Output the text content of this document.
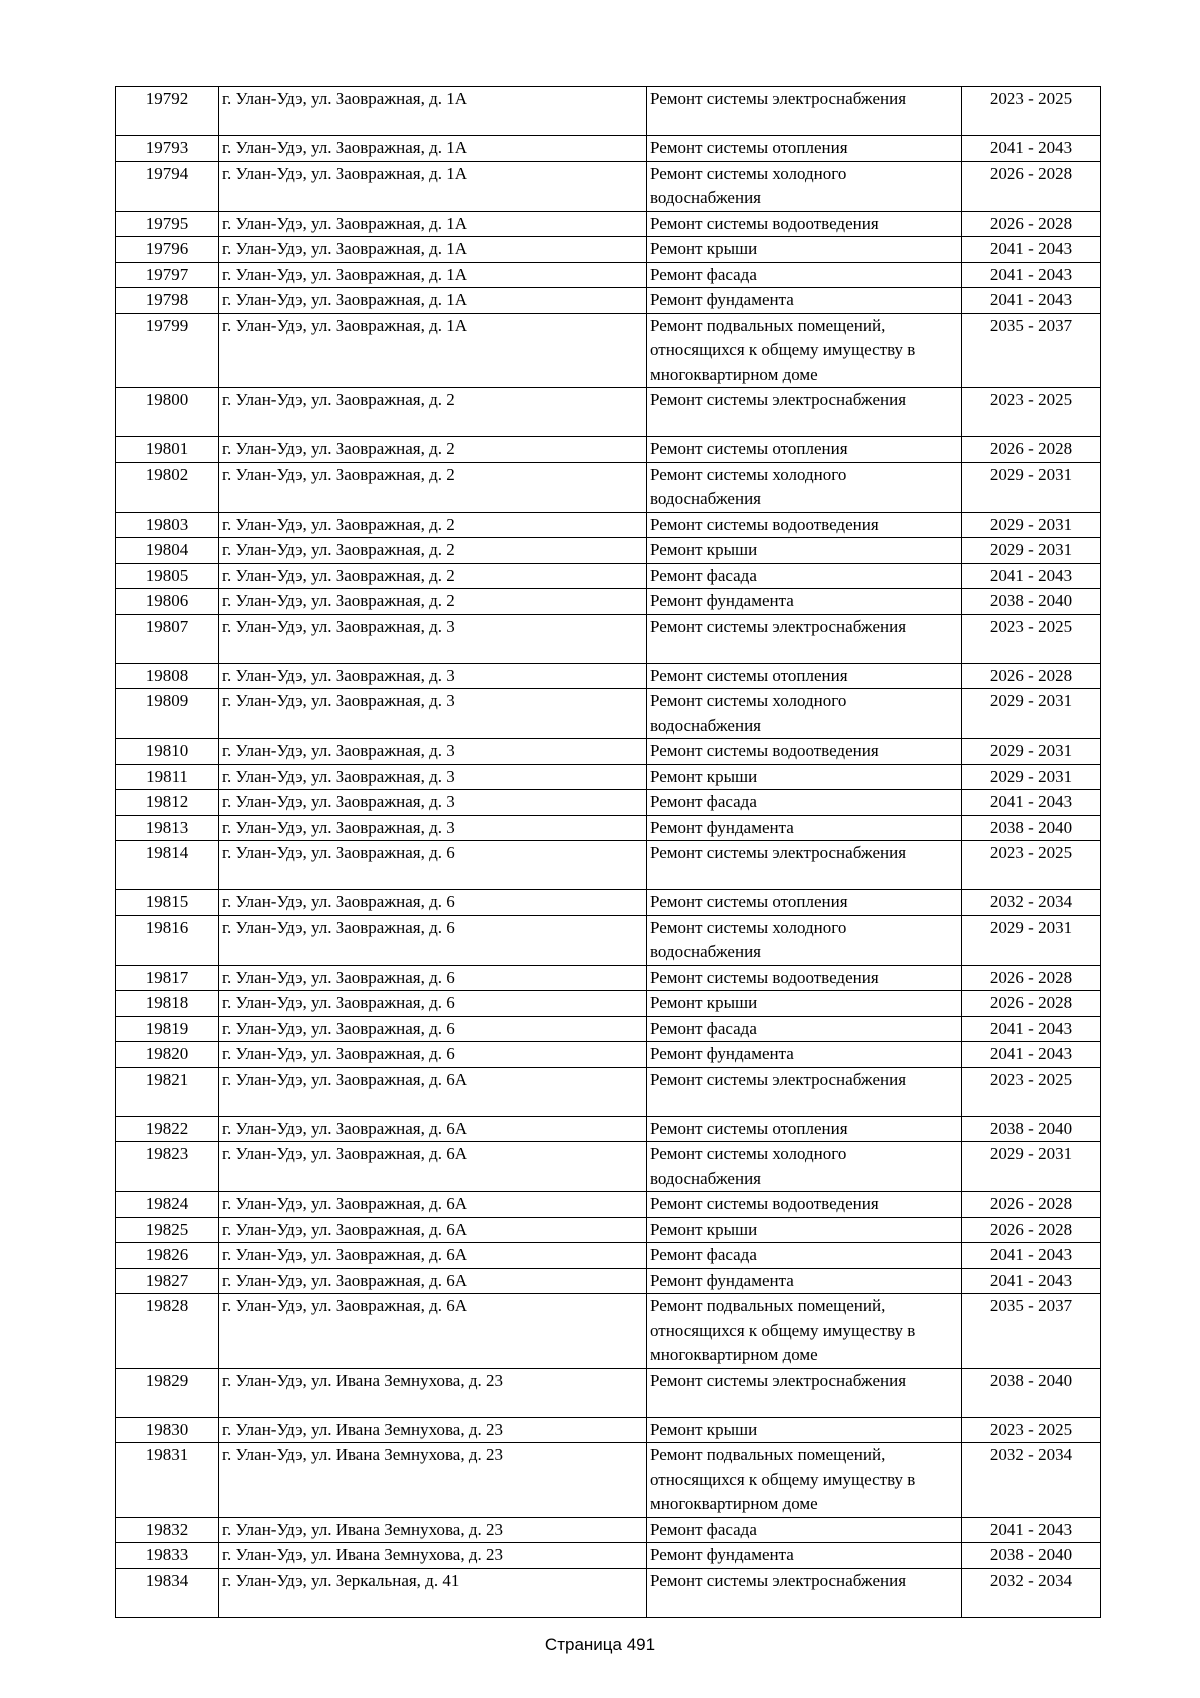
19792	г. Улан-Удэ, ул. Заовражная, д. 1А	Ремонт системы электроснабжения	2023 - 2025
19793	г. Улан-Удэ, ул. Заовражная, д. 1А	Ремонт системы отопления	2041 - 2043
19794	г. Улан-Удэ, ул. Заовражная, д. 1А	Ремонт системы холодного водоснабжения	2026 - 2028
19795	г. Улан-Удэ, ул. Заовражная, д. 1А	Ремонт системы водоотведения	2026 - 2028
19796	г. Улан-Удэ, ул. Заовражная, д. 1А	Ремонт крыши	2041 - 2043
19797	г. Улан-Удэ, ул. Заовражная, д. 1А	Ремонт фасада	2041 - 2043
19798	г. Улан-Удэ, ул. Заовражная, д. 1А	Ремонт фундамента	2041 - 2043
19799	г. Улан-Удэ, ул. Заовражная, д. 1А	Ремонт подвальных помещений, относящихся к общему имуществу в многоквартирном доме	2035 - 2037
19800	г. Улан-Удэ, ул. Заовражная, д. 2	Ремонт системы электроснабжения	2023 - 2025
19801	г. Улан-Удэ, ул. Заовражная, д. 2	Ремонт системы отопления	2026 - 2028
19802	г. Улан-Удэ, ул. Заовражная, д. 2	Ремонт системы холодного водоснабжения	2029 - 2031
19803	г. Улан-Удэ, ул. Заовражная, д. 2	Ремонт системы водоотведения	2029 - 2031
19804	г. Улан-Удэ, ул. Заовражная, д. 2	Ремонт крыши	2029 - 2031
19805	г. Улан-Удэ, ул. Заовражная, д. 2	Ремонт фасада	2041 - 2043
19806	г. Улан-Удэ, ул. Заовражная, д. 2	Ремонт фундамента	2038 - 2040
19807	г. Улан-Удэ, ул. Заовражная, д. 3	Ремонт системы электроснабжения	2023 - 2025
19808	г. Улан-Удэ, ул. Заовражная, д. 3	Ремонт системы отопления	2026 - 2028
19809	г. Улан-Удэ, ул. Заовражная, д. 3	Ремонт системы холодного водоснабжения	2029 - 2031
19810	г. Улан-Удэ, ул. Заовражная, д. 3	Ремонт системы водоотведения	2029 - 2031
19811	г. Улан-Удэ, ул. Заовражная, д. 3	Ремонт крыши	2029 - 2031
19812	г. Улан-Удэ, ул. Заовражная, д. 3	Ремонт фасада	2041 - 2043
19813	г. Улан-Удэ, ул. Заовражная, д. 3	Ремонт фундамента	2038 - 2040
19814	г. Улан-Удэ, ул. Заовражная, д. 6	Ремонт системы электроснабжения	2023 - 2025
19815	г. Улан-Удэ, ул. Заовражная, д. 6	Ремонт системы отопления	2032 - 2034
19816	г. Улан-Удэ, ул. Заовражная, д. 6	Ремонт системы холодного водоснабжения	2029 - 2031
19817	г. Улан-Удэ, ул. Заовражная, д. 6	Ремонт системы водоотведения	2026 - 2028
19818	г. Улан-Удэ, ул. Заовражная, д. 6	Ремонт крыши	2026 - 2028
19819	г. Улан-Удэ, ул. Заовражная, д. 6	Ремонт фасада	2041 - 2043
19820	г. Улан-Удэ, ул. Заовражная, д. 6	Ремонт фундамента	2041 - 2043
19821	г. Улан-Удэ, ул. Заовражная, д. 6А	Ремонт системы электроснабжения	2023 - 2025
19822	г. Улан-Удэ, ул. Заовражная, д. 6А	Ремонт системы отопления	2038 - 2040
19823	г. Улан-Удэ, ул. Заовражная, д. 6А	Ремонт системы холодного водоснабжения	2029 - 2031
19824	г. Улан-Удэ, ул. Заовражная, д. 6А	Ремонт системы водоотведения	2026 - 2028
19825	г. Улан-Удэ, ул. Заовражная, д. 6А	Ремонт крыши	2026 - 2028
19826	г. Улан-Удэ, ул. Заовражная, д. 6А	Ремонт фасада	2041 - 2043
19827	г. Улан-Удэ, ул. Заовражная, д. 6А	Ремонт фундамента	2041 - 2043
19828	г. Улан-Удэ, ул. Заовражная, д. 6А	Ремонт подвальных помещений, относящихся к общему имуществу в многоквартирном доме	2035 - 2037
19829	г. Улан-Удэ, ул. Ивана Земнухова, д. 23	Ремонт системы электроснабжения	2038 - 2040
19830	г. Улан-Удэ, ул. Ивана Земнухова, д. 23	Ремонт крыши	2023 - 2025
19831	г. Улан-Удэ, ул. Ивана Земнухова, д. 23	Ремонт подвальных помещений, относящихся к общему имуществу в многоквартирном доме	2032 - 2034
19832	г. Улан-Удэ, ул. Ивана Земнухова, д. 23	Ремонт фасада	2041 - 2043
19833	г. Улан-Удэ, ул. Ивана Земнухова, д. 23	Ремонт фундамента	2038 - 2040
19834	г. Улан-Удэ, ул. Зеркальная, д. 41	Ремонт системы электроснабжения	2032 - 2034
Страница 491
